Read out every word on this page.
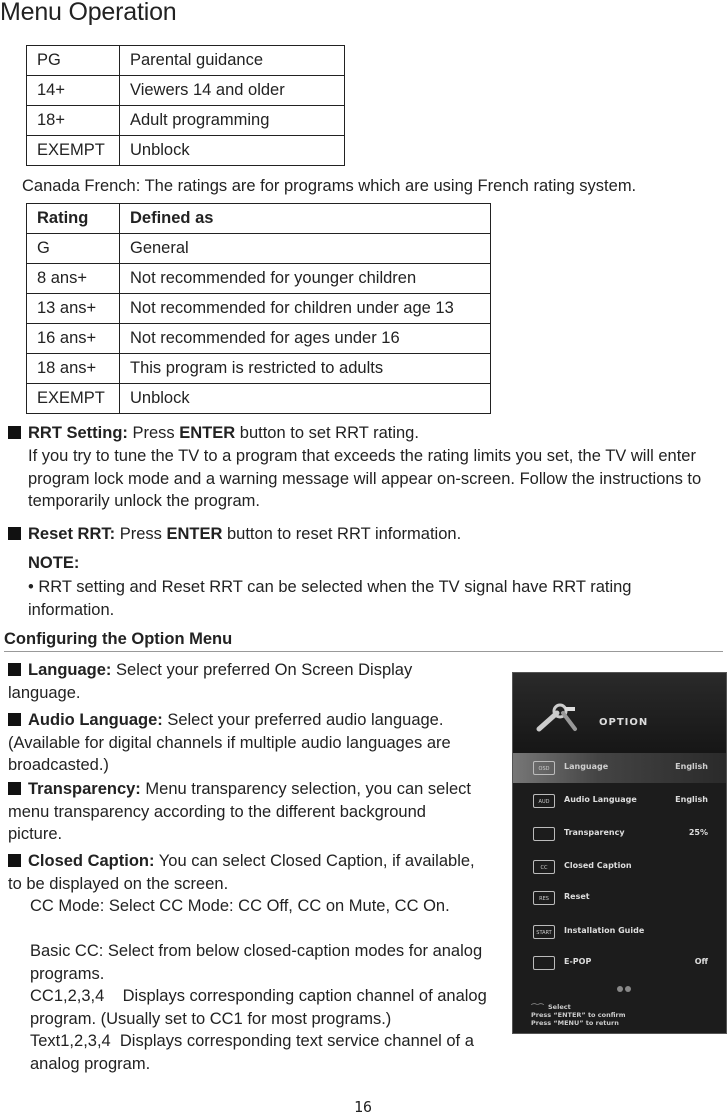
Menu Operation
PG	Parental guidance
14+	Viewers 14 and older
18+	Adult programming
EXEMPT	Unblock
Canada French: The ratings are for programs which are using French rating system.
Rating	Defined as
G	General
8 ans+	Not recommended for younger children
13 ans+	Not recommended for children under age 13
16 ans+	Not recommended for ages under 16
18 ans+	This program is restricted to adults
EXEMPT	Unblock
RRT Setting: Press ENTER button to set RRT rating.
If you try to tune the TV to a program that exceeds the rating limits you set, the TV will enter program lock mode and a warning message will appear on-screen. Follow the instructions to temporarily unlock the program.
Reset RRT: Press ENTER button to reset RRT information.
NOTE:
• RRT setting and Reset RRT can be selected when the TV signal have RRT rating information.
Configuring the Option Menu
Language: Select your preferred On Screen Display language.
Audio Language: Select your preferred audio language. (Available for digital channels if multiple audio languages are broadcasted.)
Transparency: Menu transparency selection, you can select menu transparency according to the different background picture.
Closed Caption: You can select Closed Caption, if available, to be displayed on the screen.
CC Mode: Select CC Mode: CC Off, CC on Mute, CC On.
Basic CC: Select from below closed-caption modes for analog programs.
CC1,2,3,4    Displays corresponding caption channel of analog program. (Usually set to CC1 for most programs.)
Text1,2,3,4  Displays corresponding text service channel of a analog program.
OPTION
OSD	Language	English
AUD	Audio Language	English
Transparency	25%
CC	Closed Caption
RES	Reset
START	Installation Guide
E-POP	Off
⌒⌒ Select
Press “ENTER” to confirm
Press “MENU” to return
16
